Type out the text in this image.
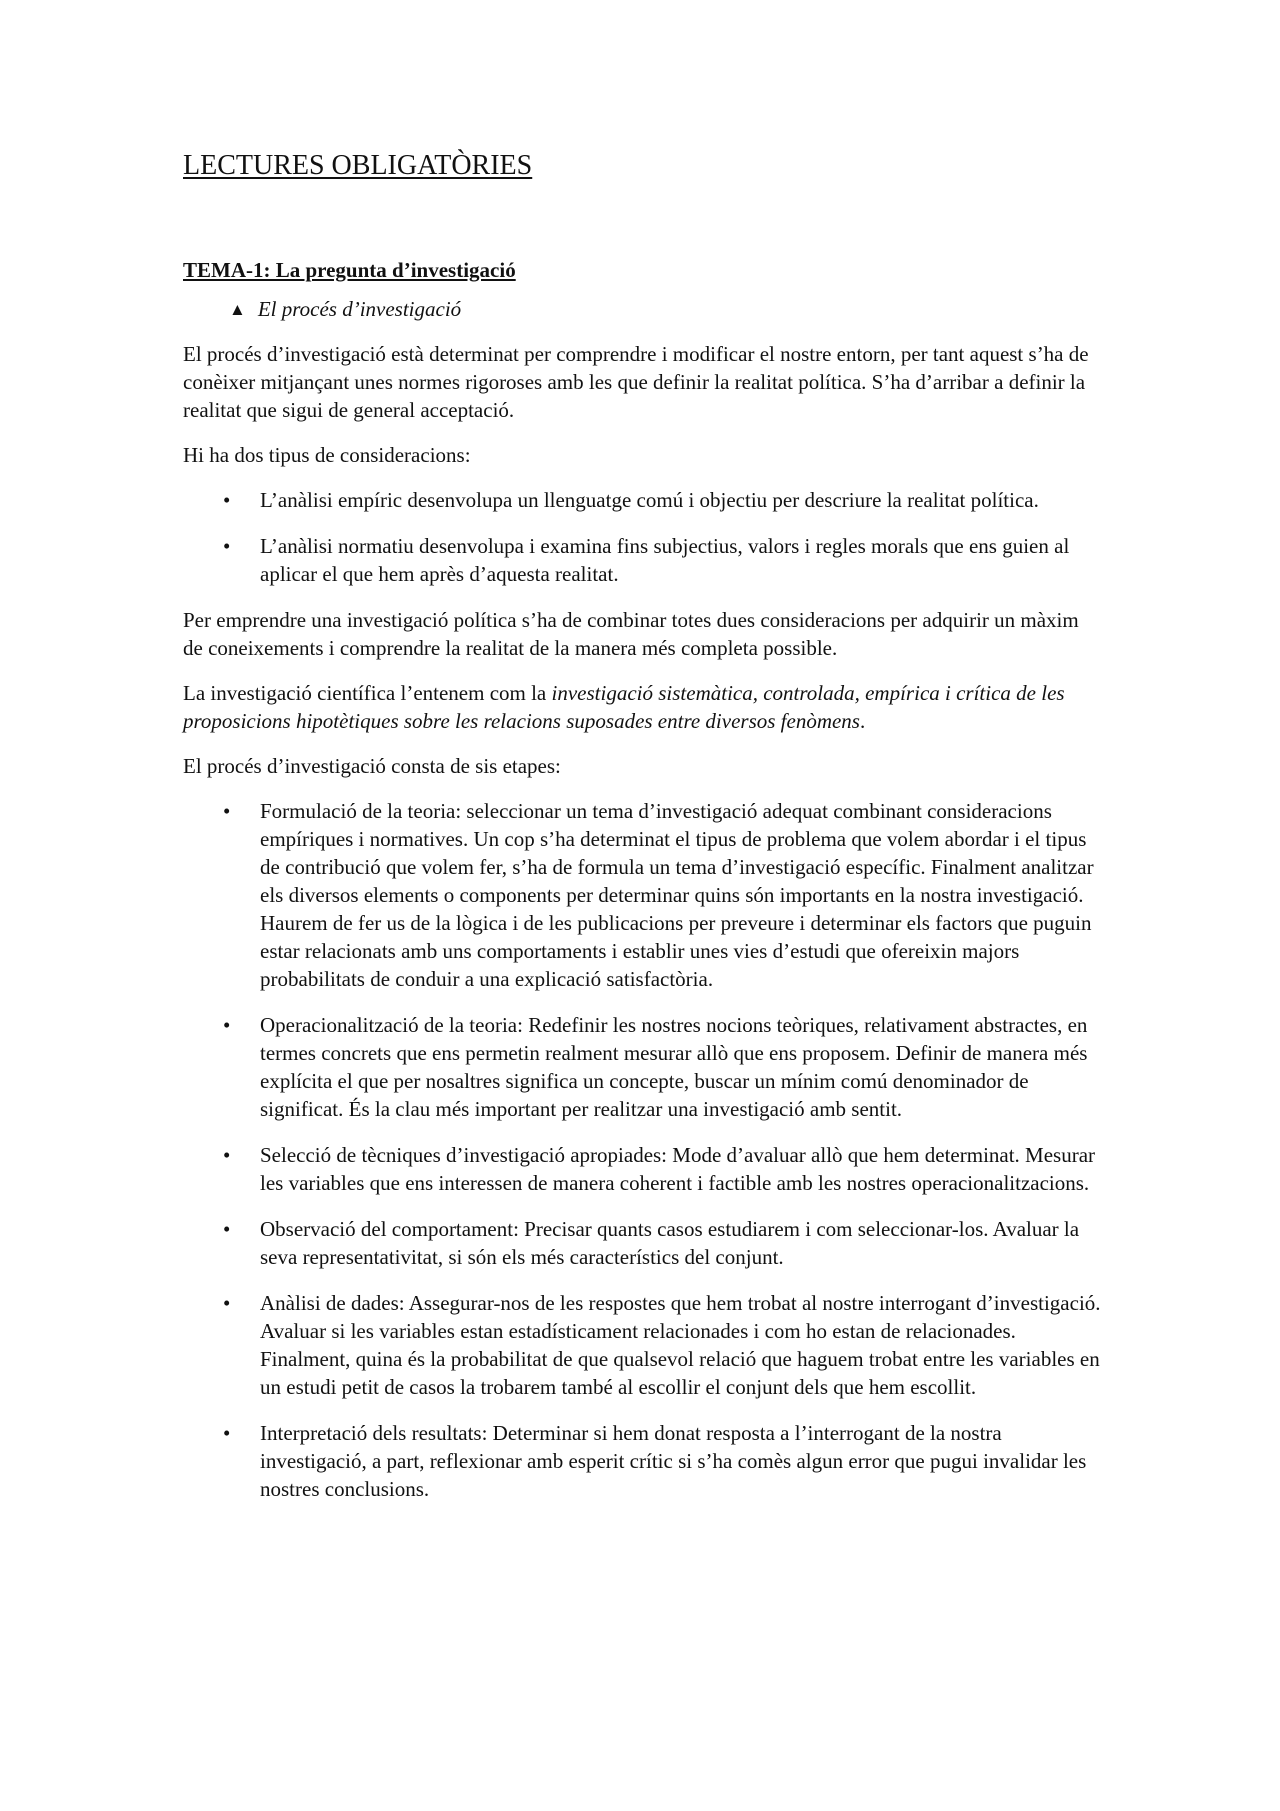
LECTURES OBLIGATÒRIES
TEMA-1: La pregunta d’investigació
▲ El procés d’investigació

El procés d’investigació està determinat per comprendre i modificar el nostre entorn, per tant aquest s’ha de conèixer mitjançant unes normes rigoroses amb les que definir la realitat política. S’ha d’arribar a definir la realitat que sigui de general acceptació.

Hi ha dos tipus de consideracions:

• L’anàlisi empíric desenvolupa un llenguatge comú i objectiu per descriure la realitat política.
• L’anàlisi normatiu desenvolupa i examina fins subjectius, valors i regles morals que ens guien al aplicar el que hem après d’aquesta realitat.

Per emprendre una investigació política s’ha de combinar totes dues consideracions per adquirir un màxim de coneixements i comprendre la realitat de la manera més completa possible.

La investigació científica l’entenem com la investigació sistemàtica, controlada, empírica i crítica de les proposicions hipotètiques sobre les relacions suposades entre diversos fenòmens.

El procés d’investigació consta de sis etapes:

• Formulació de la teoria: seleccionar un tema d’investigació adequat combinant consideracions empíriques i normatives. Un cop s’ha determinat el tipus de problema que volem abordar i el tipus de contribució que volem fer, s’ha de formula un tema d’investigació específic. Finalment analitzar els diversos elements o components per determinar quins són importants en la nostra investigació. Haurem de fer us de la lògica i de les publicacions per preveure i determinar els factors que puguin estar relacionats amb uns comportaments i establir unes vies d’estudi que ofereixin majors probabilitats de conduir a una explicació satisfactòria.
• Operacionalització de la teoria: Redefinir les nostres nocions teòriques, relativament abstractes, en termes concrets que ens permetin realment mesurar allò que ens proposem. Definir de manera més explícita el que per nosaltres significa un concepte, buscar un mínim comú denominador de significat. És la clau més important per realitzar una investigació amb sentit.
• Selecció de tècniques d’investigació apropiades: Mode d’avaluar allò que hem determinat. Mesurar les variables que ens interessen de manera coherent i factible amb les nostres operacionalitzacions.
• Observació del comportament: Precisar quants casos estudiarem i com seleccionar-los. Avaluar la seva representativitat, si són els més característics del conjunt.
• Anàlisi de dades: Assegurar-nos de les respostes que hem trobat al nostre interrogant d’investigació. Avaluar si les variables estan estadísticament relacionades i com ho estan de relacionades. Finalment, quina és la probabilitat de que qualsevol relació que haguem trobat entre les variables en un estudi petit de casos la trobarem també al escollir el conjunt dels que hem escollit.
• Interpretació dels resultats: Determinar si hem donat resposta a l’interrogant de la nostra investigació, a part, reflexionar amb esperit crític si s’ha comès algun error que pugui invalidar les nostres conclusions.
